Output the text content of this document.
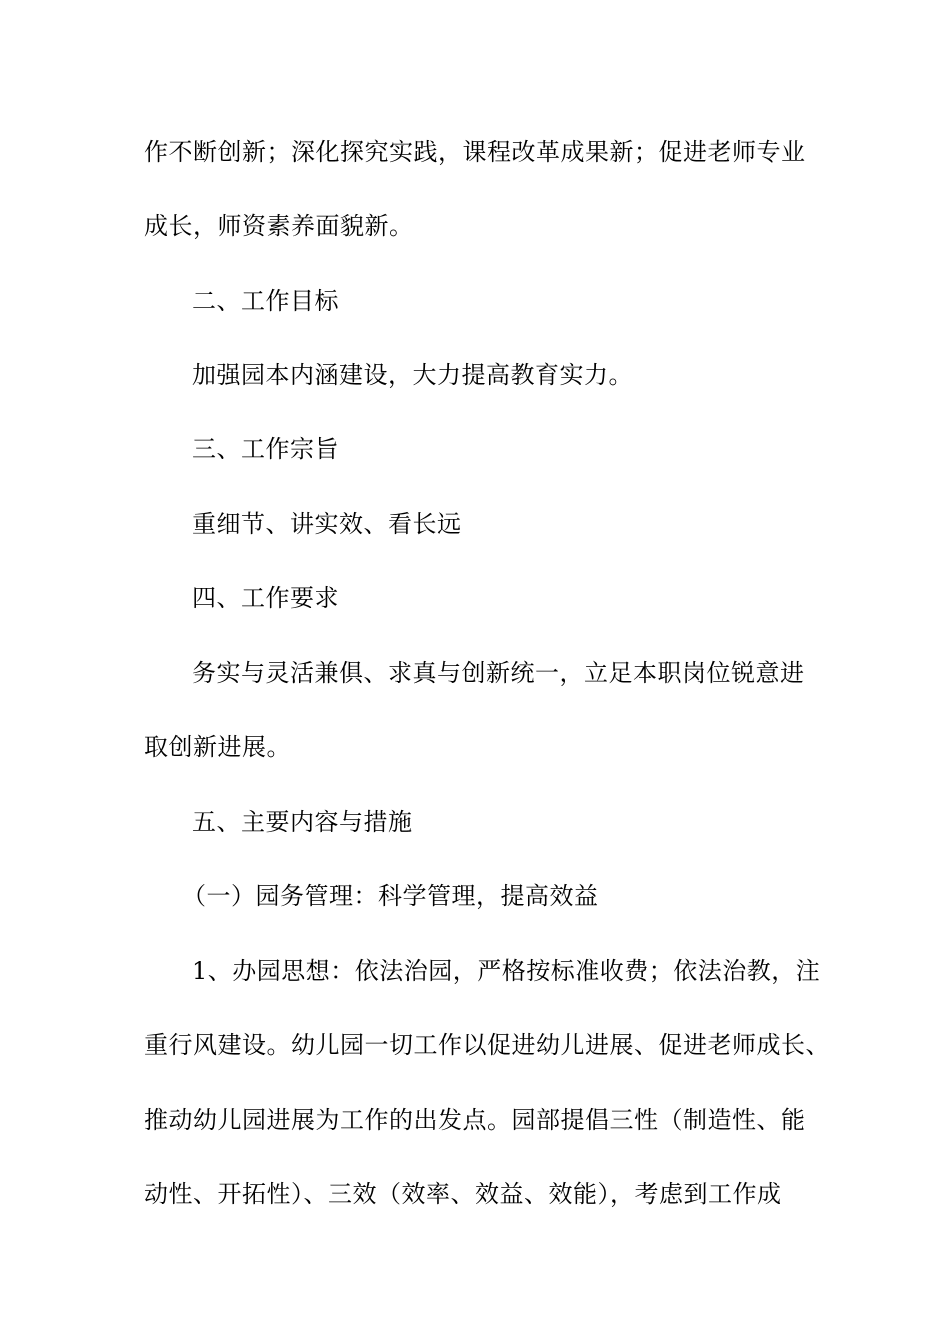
作不断创新；深化探究实践，课程改革成果新；促进老师专业
成长，师资素养面貌新。
二、工作目标
加强园本内涵建设，大力提高教育实力。
三、工作宗旨
重细节、讲实效、看长远
四、工作要求
务实与灵活兼俱、求真与创新统一，立足本职岗位锐意进
取创新进展。
五、主要内容与措施
（一）园务管理：科学管理，提高效益
1、办园思想：依法治园，严格按标准收费；依法治教，注
重行风建设。幼儿园一切工作以促进幼儿进展、促进老师成长、
推动幼儿园进展为工作的出发点。园部提倡三性（制造性、能
动性、开拓性）、三效（效率、效益、效能），考虑到工作成
